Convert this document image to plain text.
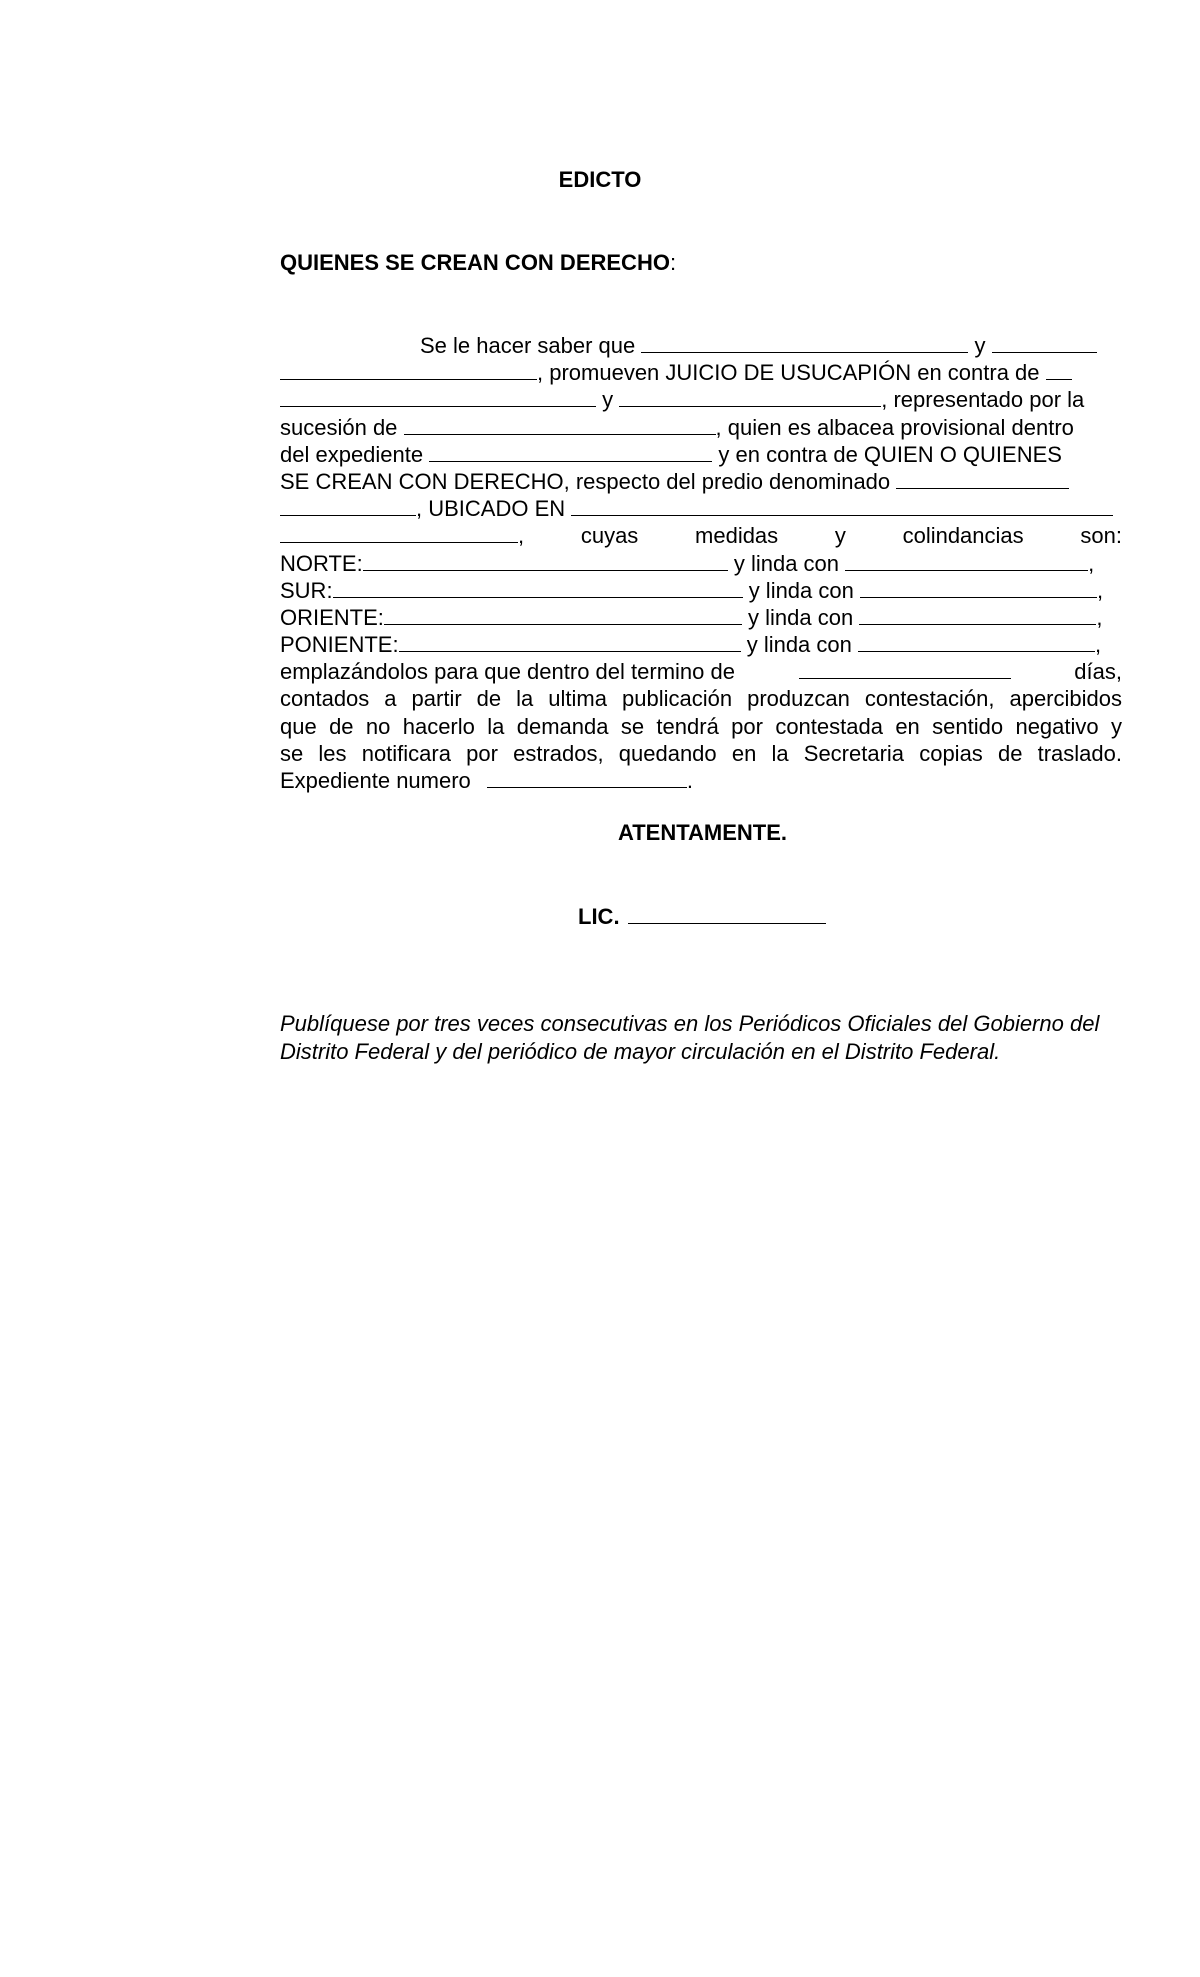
EDICTO
QUIENES SE CREAN CON DERECHO:
Se le hacer saber que	y
, promueven JUICIO DE USUCAPIÓN en contra de
y	, representado por la
sucesión de	, quien es albacea provisional dentro
del expediente	y en contra de QUIEN O QUIENES
SE CREAN CON DERECHO, respecto del predio denominado
, UBICADO EN
,	cuyas	medidas	y	colindancias	son:
NORTE:	y linda con	,
SUR:	y linda con	,
ORIENTE:	y linda con	,
PONIENTE:	y linda con	,
emplazándolos para que dentro del termino de	días,
contados a partir de la ultima publicación produzcan contestación, apercibidos
que de no hacerlo la demanda se tendrá por contestada en sentido negativo y
se les notificara por estrados, quedando en la Secretaria copias de traslado.
Expediente numero	.
ATENTAMENTE.
LIC.
Publíquese por tres veces consecutivas en los Periódicos Oficiales del Gobierno del Distrito Federal y del periódico de mayor circulación en el Distrito Federal.
